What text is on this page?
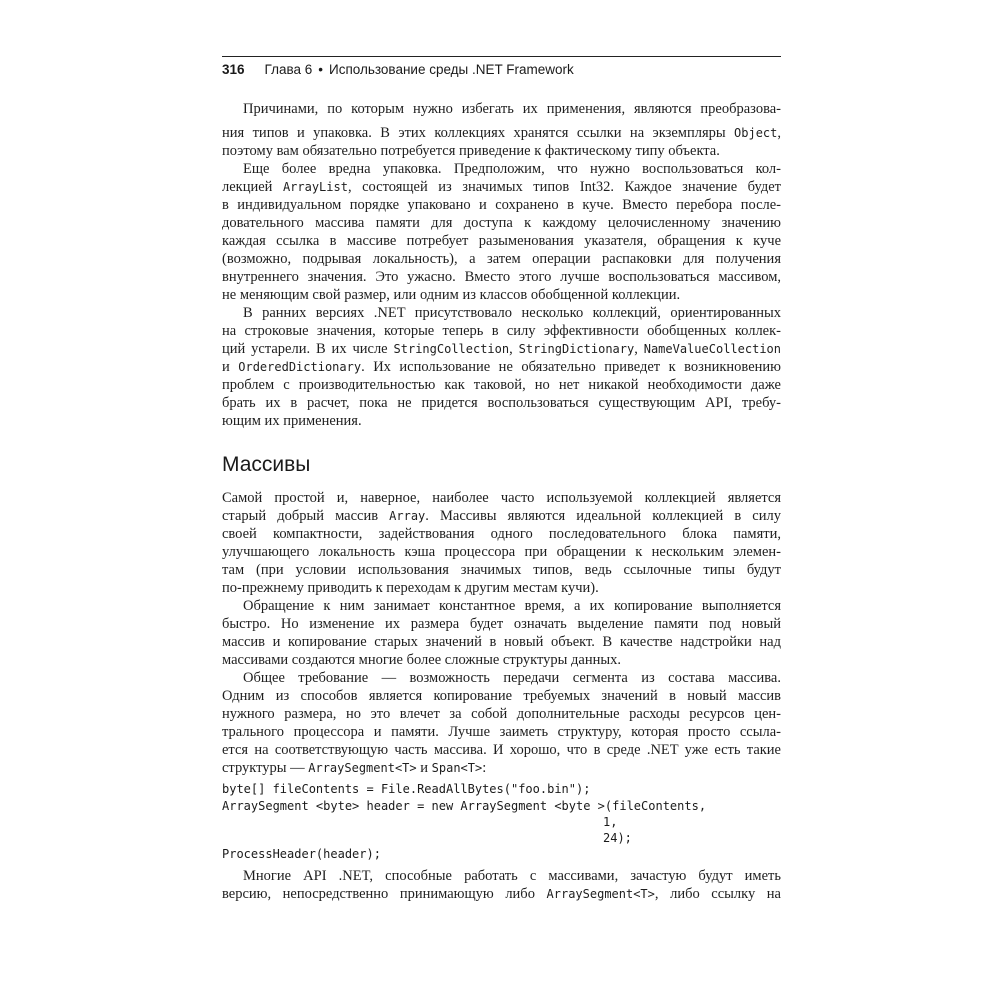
316 Глава 6 • Использование среды .NET Framework
Причинами, по которым нужно избегать их применения, являются преобразова-
ния типов и упаковка. В этих коллекциях хранятся ссылки на экземпляры Object,
поэтому вам обязательно потребуется приведение к фактическому типу объекта.
Еще более вредна упаковка. Предположим, что нужно воспользоваться кол-
лекцией ArrayList, состоящей из значимых типов Int32. Каждое значение будет
в индивидуальном порядке упаковано и сохранено в куче. Вместо перебора после-
довательного массива памяти для доступа к каждому целочисленному значению
каждая ссылка в массиве потребует разыменования указателя, обращения к куче
(возможно, подрывая локальность), а затем операции распаковки для получения
внутреннего значения. Это ужасно. Вместо этого лучше воспользоваться массивом,
не меняющим свой размер, или одним из классов обобщенной коллекции.
В ранних версиях .NET присутствовало несколько коллекций, ориентированных
на строковые значения, которые теперь в силу эффективности обобщенных коллек-
ций устарели. В их числе StringCollection, StringDictionary, NameValueCollection
и OrderedDictionary. Их использование не обязательно приведет к возникновению
проблем с производительностью как таковой, но нет никакой необходимости даже
брать их в расчет, пока не придется воспользоваться существующим API, требу-
ющим их применения.
Массивы
Самой простой и, наверное, наиболее часто используемой коллекцией является
старый добрый массив Array. Массивы являются идеальной коллекцией в силу
своей компактности, задействования одного последовательного блока памяти,
улучшающего локальность кэша процессора при обращении к нескольким элемен-
там (при условии использования значимых типов, ведь ссылочные типы будут
по-прежнему приводить к переходам к другим местам кучи).
Обращение к ним занимает константное время, а их копирование выполняется
быстро. Но изменение их размера будет означать выделение памяти под новый
массив и копирование старых значений в новый объект. В качестве надстройки над
массивами создаются многие более сложные структуры данных.
Общее требование — возможность передачи сегмента из состава массива.
Одним из способов является копирование требуемых значений в новый массив
нужного размера, но это влечет за собой дополнительные расходы ресурсов цен-
трального процессора и памяти. Лучше заиметь структуру, которая просто ссыла-
ется на соответствующую часть массива. И хорошо, что в среде .NET уже есть такие
структуры — ArraySegment<T> и Span<T>:
byte[] fileContents = File.ReadAllBytes("foo.bin");
ArraySegment <byte> header = new ArraySegment <byte >(fileContents,
1,
24);
ProcessHeader(header);
Многие API .NET, способные работать с массивами, зачастую будут иметь
версию, непосредственно принимающую либо ArraySegment<T>, либо ссылку на
